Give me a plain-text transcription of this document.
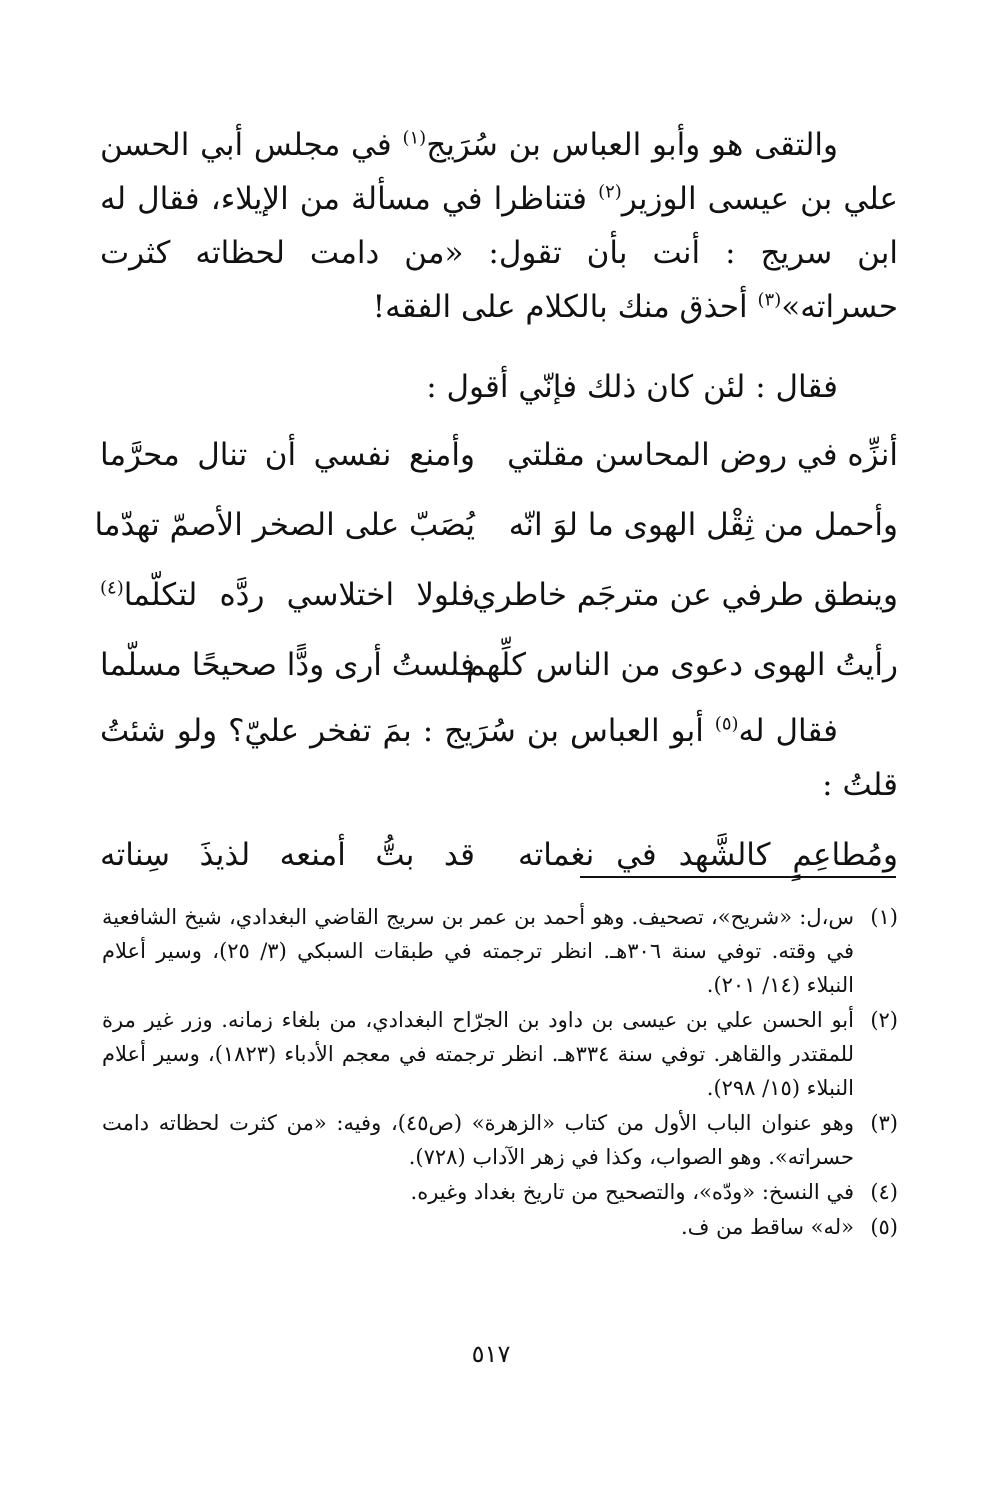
والتقى هو وأبو العباس بن سُرَيج$^{(١)}$ في مجلس أبي الحسن علي بن عيسى الوزير$^{(٢)}$ فتناظرا في مسألة من الإيلاء، فقال له ابن سريج : أنت بأن تقول: «من دامت لحظاته كثرت حسراته»$^{(٣)}$ أحذق منك بالكلام على الفقه!

فقال : لئن كان ذلك فإنّي أقول :

أنزِّه في روض المحاسن مقلتي
وأمنع نفسي أن تنال محرَّما
وأحمل من ثِقْل الهوى ما لوَ انّه
يُصَبّ على الصخر الأصمّ تهدّما
وينطق طرفي عن مترجَم خاطري
فلولا اختلاسي ردَّه لتكلّما$^{(٤)}$
رأيتُ الهوى دعوى من الناس كلِّهم
فلستُ أرى ودًّا صحيحًا مسلّما

فقال له$^{(٥)}$ أبو العباس بن سُرَيج : بمَ تفخر عليّ؟ ولو شئتُ قلتُ :

ومُطاعِمٍ كالشَّهد في نغماته
قد بتُّ أمنعه لذيذَ سِناته
(١)
س،ل: «شريح»، تصحيف. وهو أحمد بن عمر بن سريج القاضي البغدادي، شيخ الشافعية في وقته. توفي سنة ٣٠٦هـ. انظر ترجمته في طبقات السبكي (٣/ ٢٥)، وسير أعلام النبلاء (١٤/ ٢٠١).
(٢)
أبو الحسن علي بن عيسى بن داود بن الجرّاح البغدادي، من بلغاء زمانه. وزر غير مرة للمقتدر والقاهر. توفي سنة ٣٣٤هـ. انظر ترجمته في معجم الأدباء (١٨٢٣)، وسير أعلام النبلاء (١٥/ ٢٩٨).
(٣)
وهو عنوان الباب الأول من كتاب «الزهرة» (ص٤٥)، وفيه: «من كثرت لحظاته دامت حسراته». وهو الصواب، وكذا في زهر الآداب (٧٢٨).
(٤)
في النسخ: «ودّه»، والتصحيح من تاريخ بغداد وغيره.
(٥)
«له» ساقط من ف.
٥١٧
